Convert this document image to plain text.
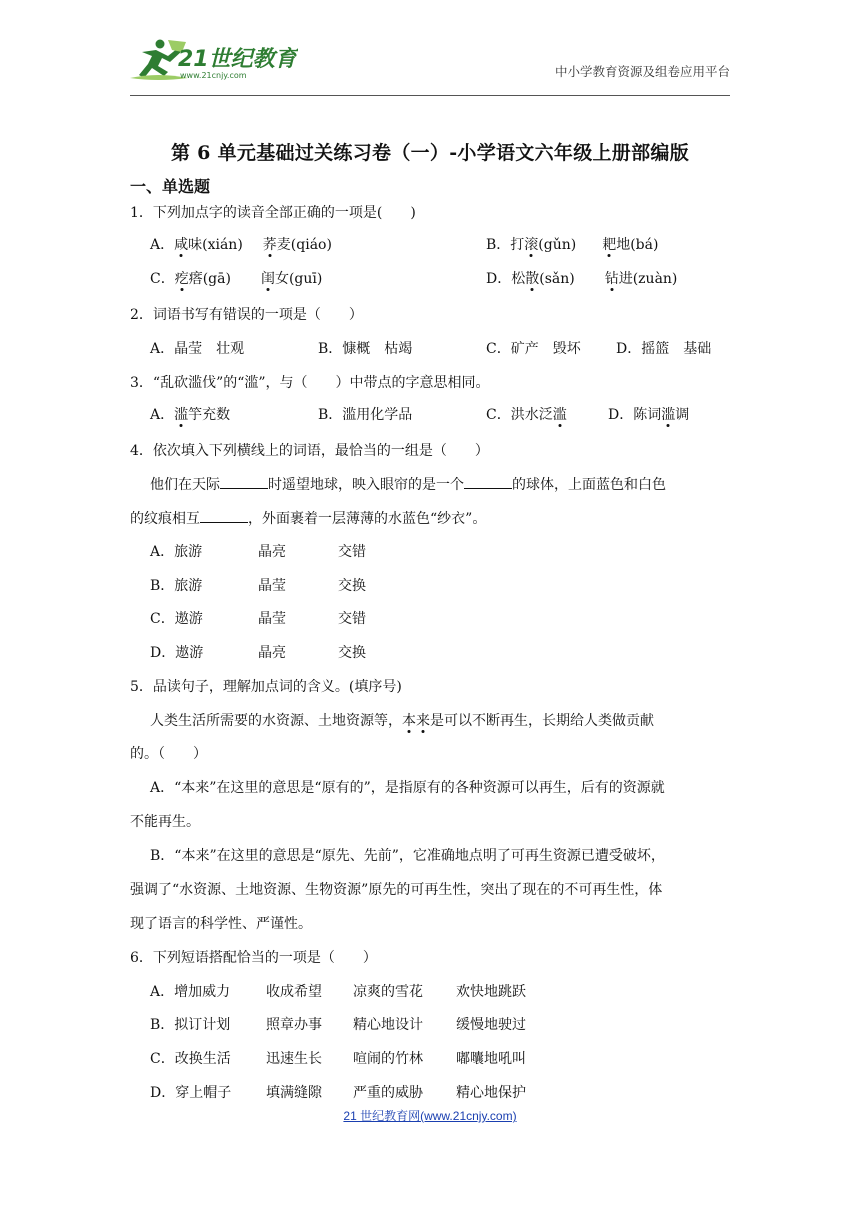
21世纪教育
www.21cnjy.com	中小学教育资源及组卷应用平台
第 6 单元基础过关练习卷（一）-小学语文六年级上册部编版
一、单选题
1．下列加点字的读音全部正确的一项是(　　)
A．咸味(xián) 荞麦(qiáo)	B．打滚(gǔn) 耙地(bá)
C．疙瘩(gā) 闺女(guī)	D．松散(sǎn) 钻进(zuàn)
2．词语书写有错误的一项是（　　）
A．晶莹　壮观	B．慷概　枯竭	C．矿产　毁坏	D．摇篮　基础
3．“乱砍滥伐”的“滥”，与（　　）中带点的字意思相同。
A．滥竽充数	B．滥用化学品	C．洪水泛滥	D．陈词滥调
4．依次填入下列横线上的词语，最恰当的一组是（　　）
他们在天际	时遥望地球，映入眼帘的是一个	的球体，上面蓝色和白色
的纹痕相互	，外面裹着一层薄薄的水蓝色“纱衣”。
A．旅游	晶亮	交错
B．旅游	晶莹	交换
C．遨游	晶莹	交错
D．遨游	晶亮	交换
5．品读句子，理解加点词的含义。(填序号)
人类生活所需要的水资源、土地资源等，本来是可以不断再生，长期给人类做贡献
的。（　　）
A．“本来”在这里的意思是“原有的”，是指原有的各种资源可以再生，后有的资源就
不能再生。
B．“本来”在这里的意思是“原先、先前”，它准确地点明了可再生资源已遭受破坏，
强调了“水资源、土地资源、生物资源”原先的可再生性，突出了现在的不可再生性，体
现了语言的科学性、严谨性。
6．下列短语搭配恰当的一项是（　　）
A．增加威力	收成希望 凉爽的雪花 欢快地跳跃
B．拟订计划	照章办事 精心地设计 缓慢地驶过
C．改换生活	迅速生长 喧闹的竹林 嘟囔地吼叫
D．穿上帽子 填满缝隙 严重的威胁 精心地保护
21 世纪教育网(www.21cnjy.com)
